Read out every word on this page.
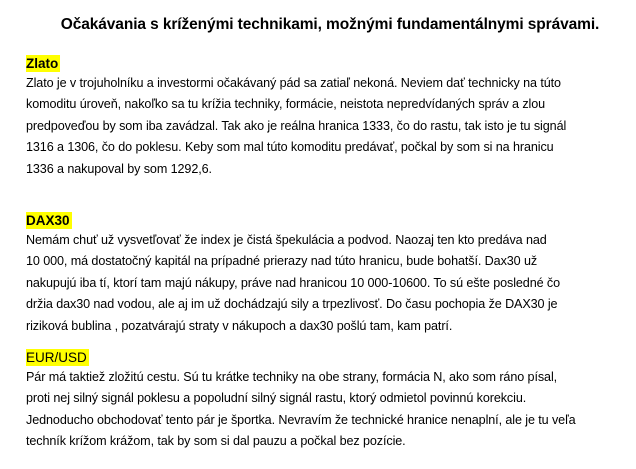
Očakávania s kríženými technikami, možnými fundamentálnymi správami.
Zlato

Zlato je v trojuholníku a investormi očakávaný pád sa zatiaľ nekoná. Neviem dať technicky na túto
komoditu úroveň, nakoľko sa tu krížia techniky, formácie, neistota nepredvídaných správ a zlou
predpoveďou by som iba zavádzal. Tak ako je reálna hranica 1333, čo do rastu, tak isto je tu signál
1316 a 1306, čo do poklesu. Keby som mal túto komoditu predávať, počkal by som si na hranicu
1336 a nakupoval by som 1292,6.

DAX30

Nemám chuť už vysvetľovať že index je čistá špekulácia a podvod. Naozaj ten kto predáva nad
10 000, má dostatočný kapitál na prípadné prierazy nad túto hranicu, bude bohatší. Dax30 už
nakupujú iba tí, ktorí tam majú nákupy, práve nad hranicou 10 000-10600. To sú ešte posledné čo
držia dax30 nad vodou, ale aj im už dochádzajú sily a trpezlivosť. Do času pochopia že DAX30 je
riziková bublina , pozatvárajú straty v nákupoch a dax30 pošlú tam, kam patrí.

EUR/USD

Pár má taktiež zložitú cestu. Sú tu krátke techniky na obe strany, formácia N, ako som ráno písal,
proti nej silný signál poklesu a popoludní silný signál rastu, ktorý odmietol povinnú korekciu.
Jednoducho obchodovať tento pár je športka. Nevravím že technické hranice nenaplní, ale je tu veľa
techník krížom krážom, tak by som si dal pauzu a počkal bez pozície.
